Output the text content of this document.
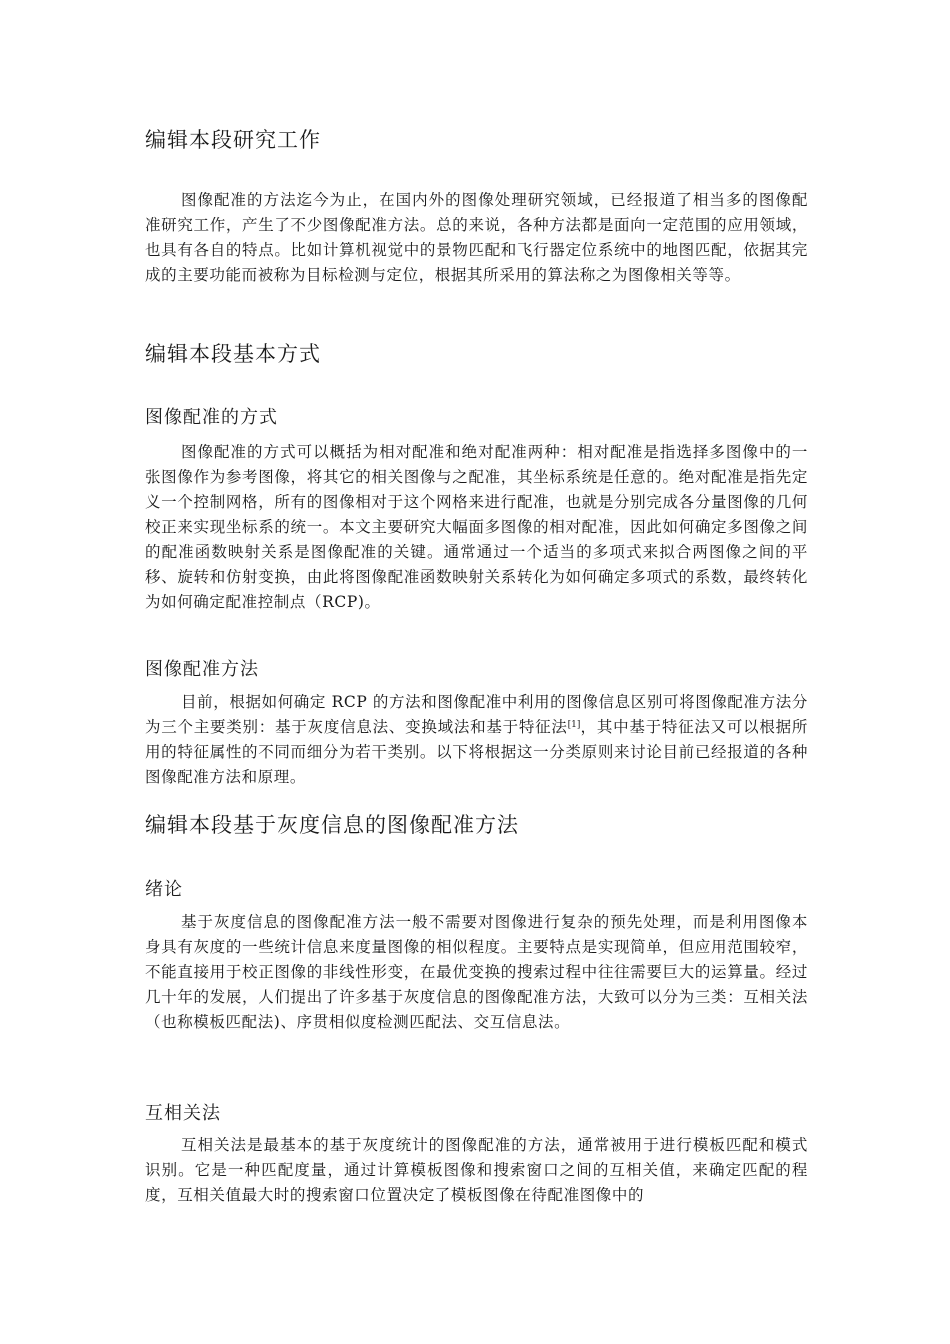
编辑本段研究工作
图像配准的方法迄今为止，在国内外的图像处理研究领域，已经报道了相当多的图像配准研究工作，产生了不少图像配准方法。总的来说，各种方法都是面向一定范围的应用领域，也具有各自的特点。比如计算机视觉中的景物匹配和飞行器定位系统中的地图匹配，依据其完成的主要功能而被称为目标检测与定位，根据其所采用的算法称之为图像相关等等。
编辑本段基本方式
图像配准的方式
图像配准的方式可以概括为相对配准和绝对配准两种：相对配准是指选择多图像中的一张图像作为参考图像，将其它的相关图像与之配准，其坐标系统是任意的。绝对配准是指先定义一个控制网格，所有的图像相对于这个网格来进行配准，也就是分别完成各分量图像的几何校正来实现坐标系的统一。本文主要研究大幅面多图像的相对配准，因此如何确定多图像之间的配准函数映射关系是图像配准的关键。通常通过一个适当的多项式来拟合两图像之间的平移、旋转和仿射变换，由此将图像配准函数映射关系转化为如何确定多项式的系数，最终转化为如何确定配准控制点（RCP)。
图像配准方法
目前，根据如何确定 RCP 的方法和图像配准中利用的图像信息区别可将图像配准方法分为三个主要类别：基于灰度信息法、变换域法和基于特征法[1]，其中基于特征法又可以根据所用的特征属性的不同而细分为若干类别。以下将根据这一分类原则来讨论目前已经报道的各种图像配准方法和原理。
编辑本段基于灰度信息的图像配准方法
绪论
基于灰度信息的图像配准方法一般不需要对图像进行复杂的预先处理，而是利用图像本身具有灰度的一些统计信息来度量图像的相似程度。主要特点是实现简单，但应用范围较窄，不能直接用于校正图像的非线性形变，在最优变换的搜索过程中往往需要巨大的运算量。经过几十年的发展，人们提出了许多基于灰度信息的图像配准方法，大致可以分为三类：互相关法（也称模板匹配法)、序贯相似度检测匹配法、交互信息法。
互相关法
互相关法是最基本的基于灰度统计的图像配准的方法，通常被用于进行模板匹配和模式识别。它是一种匹配度量，通过计算模板图像和搜索窗口之间的互相关值，来确定匹配的程度，互相关值最大时的搜索窗口位置决定了模板图像在待配准图像中的
